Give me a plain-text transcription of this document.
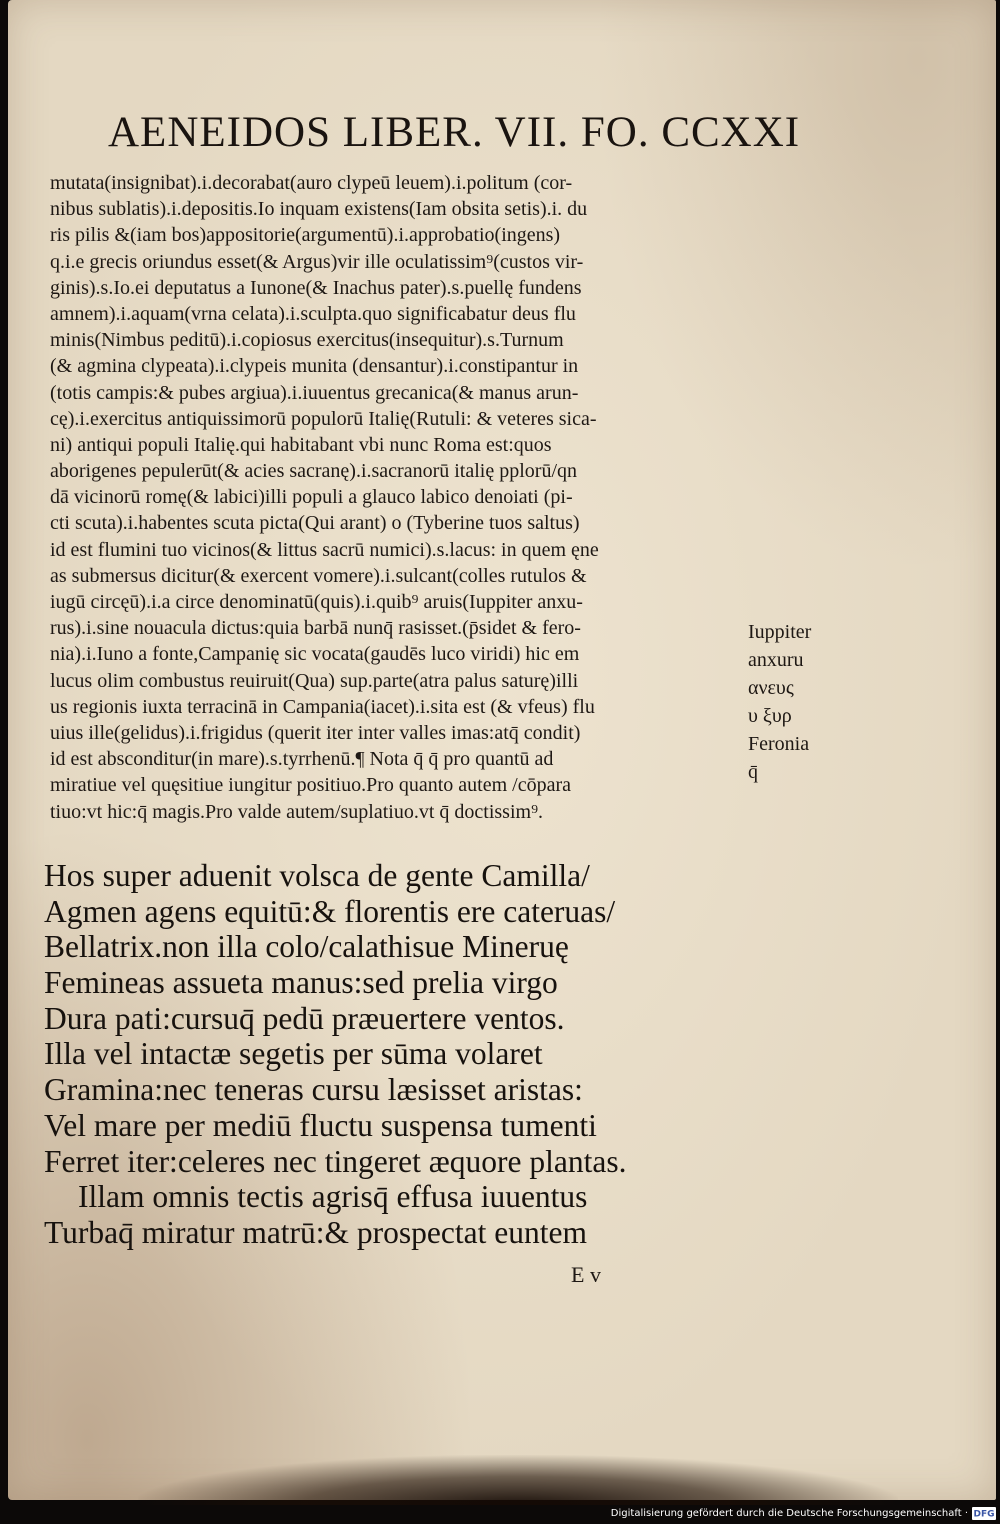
AENEIDOS LIBER. VII. FO. CCXXI
mutata(insignibat).i.decorabat(auro clypeū leuem).i.politum (cor-
nibus sublatis).i.depositis.Io inquam existens(Iam obsita setis).i. du
ris pilis &(iam bos)appositorie(argumentū).i.approbatio(ingens)
q.i.e grecis oriundus esset(& Argus)vir ille oculatissim⁹(custos vir-
ginis).s.Io.ei deputatus a Iunone(& Inachus pater).s.puellę fundens
amnem).i.aquam(vrna celata).i.sculpta.quo significabatur deus flu
minis(Nimbus peditū).i.copiosus exercitus(insequitur).s.Turnum
(& agmina clypeata).i.clypeis munita (densantur).i.constipantur in
(totis campis:& pubes argiua).i.iuuentus grecanica(& manus arun-
cę).i.exercitus antiquissimorū populorū Italię(Rutuli: & veteres sica-
ni) antiqui populi Italię.qui habitabant vbi nunc Roma est:quos
aborigenes pepulerūt(& acies sacranę).i.sacranorū italię pplorū/qn
dā vicinorū romę(& labici)illi populi a glauco labico denoiati (pi-
cti scuta).i.habentes scuta picta(Qui arant) o (Tyberine tuos saltus)
id est flumini tuo vicinos(& littus sacrū numici).s.lacus: in quem ęne
as submersus dicitur(& exercent vomere).i.sulcant(colles rutulos &
iugū circęū).i.a circe denominatū(quis).i.quib⁹ aruis(Iuppiter anxu-
rus).i.sine nouacula dictus:quia barbā nunq̄ rasisset.(p̄sidet & fero-
nia).i.Iuno a fonte,Campanię sic vocata(gaudēs luco viridi) hic em
lucus olim combustus reuiruit(Qua) sup.parte(atra palus saturę)illi
us regionis iuxta terracinā in Campania(iacet).i.sita est (& vfeus) flu
uius ille(gelidus).i.frigidus (querit iter inter valles imas:atq̄ condit)
id est absconditur(in mare).s.tyrrhenū.¶ Nota q̄ q̄ pro quantū ad
miratiue vel quęsitiue iungitur positiuo.Pro quanto autem /cōpara
tiuo:vt hic:q̄ magis.Pro valde autem/suplatiuo.vt q̄ doctissim⁹.
Iuppiter
anxuru
ανευς
υ ξυρ
Feronia
q̄
Hos super aduenit volsca de gente Camilla/
Agmen agens equitū:& florentis ere cateruas/
Bellatrix.non illa colo/calathisue Mineruę
Femineas assueta manus:sed prelia virgo
Dura pati:cursuq̄ pedū præuertere ventos.
Illa vel intactæ segetis per sūma volaret
Gramina:nec teneras cursu læsisset aristas:
Vel mare per mediū fluctu suspensa tumenti
Ferret iter:celeres nec tingeret æquore plantas.
Illam omnis tectis agrisq̄ effusa iuuentus
Turbaq̄ miratur matrū:& prospectat euntem
E v
Digitalisierung gefördert durch die Deutsche Forschungsgemeinschaft · DFG
